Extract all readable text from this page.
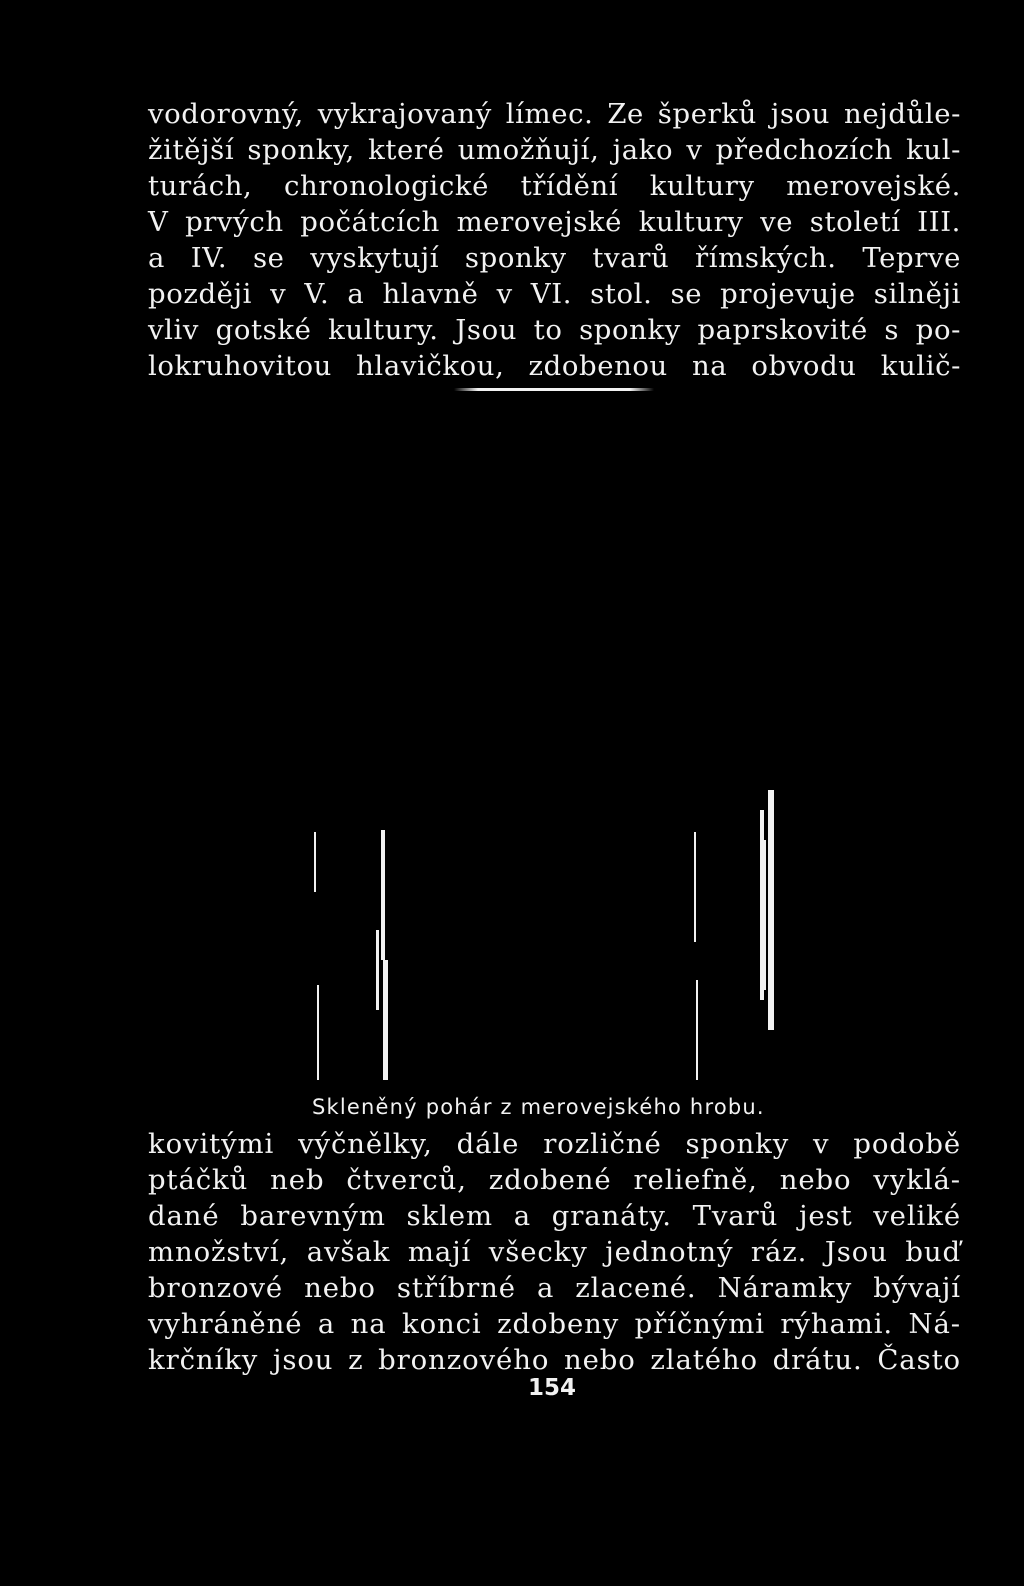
vodorovný, vykrajovaný límec. Ze šperků jsou nejdůle-
žitější sponky, které umožňují, jako v předchozích kul-
turách, chronologické třídění kultury merovejské.
V prvých počátcích merovejské kultury ve století III.
a IV. se vyskytují sponky tvarů římských. Teprve
později v V. a hlavně v VI. stol. se projevuje silněji
vliv gotské kultury. Jsou to sponky paprskovité s po-
lokruhovitou hlavičkou, zdobenou na obvodu kulič-
Skleněný pohár z merovejského hrobu.
kovitými výčnělky, dále rozličné sponky v podobě
ptáčků neb čtverců, zdobené reliefně, nebo vyklá-
dané barevným sklem a granáty. Tvarů jest veliké
množství, avšak mají všecky jednotný ráz. Jsou buď
bronzové nebo stříbrné a zlacené. Náramky bývají
vyhráněné a na konci zdobeny příčnými rýhami. Ná-
krčníky jsou z bronzového nebo zlatého drátu. Často
154
